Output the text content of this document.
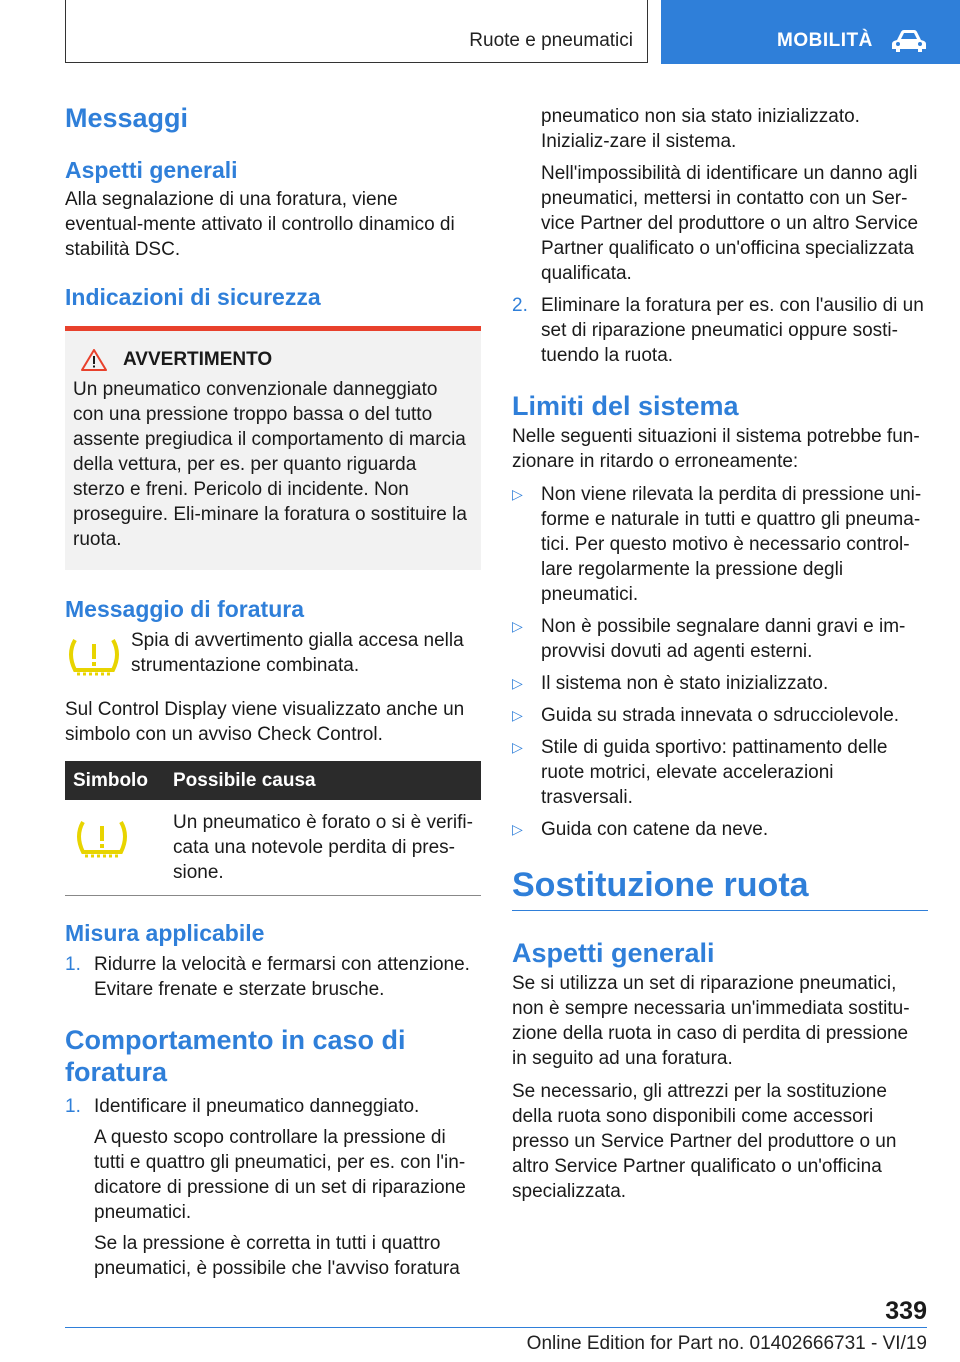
Ruote e pneumatici	MOBILITÀ
Messaggi
Aspetti generali

Alla segnalazione di una foratura, viene eventual-mente attivato il controllo dinamico di stabilità DSC.

Indicazioni di sicurezza
AVVERTIMENTO

Un pneumatico convenzionale danneggiato con una pressione troppo bassa o del tutto assente pregiudica il comportamento di marcia della vettura, per es. per quanto riguarda sterzo e freni. Pericolo di incidente. Non proseguire. Eli-minare la foratura o sostituire la ruota.

Messaggio di foratura

Spia di avvertimento gialla accesa nella strumentazione combinata.

Sul Control Display viene visualizzato anche un simbolo con un avviso Check Control.

Simbolo	Possibile causa
	Un pneumatico è forato o si è verifi-cata una notevole perdita di pres-sione.
Misura applicabile
1. Ridurre la velocità e fermarsi con attenzione. Evitare frenate e sterzate brusche.
Comportamento in caso di foratura
1. Identificare il pneumatico danneggiato.

A questo scopo controllare la pressione di tutti e quattro gli pneumatici, per es. con l'in-dicatore di pressione di un set di riparazione pneumatici.

Se la pressione è corretta in tutti i quattro pneumatici, è possibile che l'avviso foratura

pneumatico non sia stato inizializzato. Inizializ-zare il sistema.

Nell'impossibilità di identificare un danno agli pneumatici, mettersi in contatto con un Ser-vice Partner del produttore o un altro Service Partner qualificato o un'officina specializzata qualificata.

2. Eliminare la foratura per es. con l'ausilio di un set di riparazione pneumatici oppure sosti-tuendo la ruota.
Limiti del sistema

Nelle seguenti situazioni il sistema potrebbe fun-zionare in ritardo o erroneamente:

▷ Non viene rilevata la perdita di pressione uni-forme e naturale in tutti e quattro gli pneuma-tici. Per questo motivo è necessario control-lare regolarmente la pressione degli pneumatici.
▷ Non è possibile segnalare danni gravi e im-provvisi dovuti ad agenti esterni.
▷ Il sistema non è stato inizializzato.
▷ Guida su strada innevata o sdrucciolevole.
▷ Stile di guida sportivo: pattinamento delle ruote motrici, elevate accelerazioni trasversali.
▷ Guida con catene da neve.
Sostituzione ruota
Aspetti generali

Se si utilizza un set di riparazione pneumatici, non è sempre necessaria un'immediata sostitu-zione della ruota in caso di perdita di pressione in seguito ad una foratura.

Se necessario, gli attrezzi per la sostituzione della ruota sono disponibili come accessori presso un Service Partner del produttore o un altro Service Partner qualificato o un'officina specializzata.

339
Online Edition for Part no. 01402666731 - VI/19
